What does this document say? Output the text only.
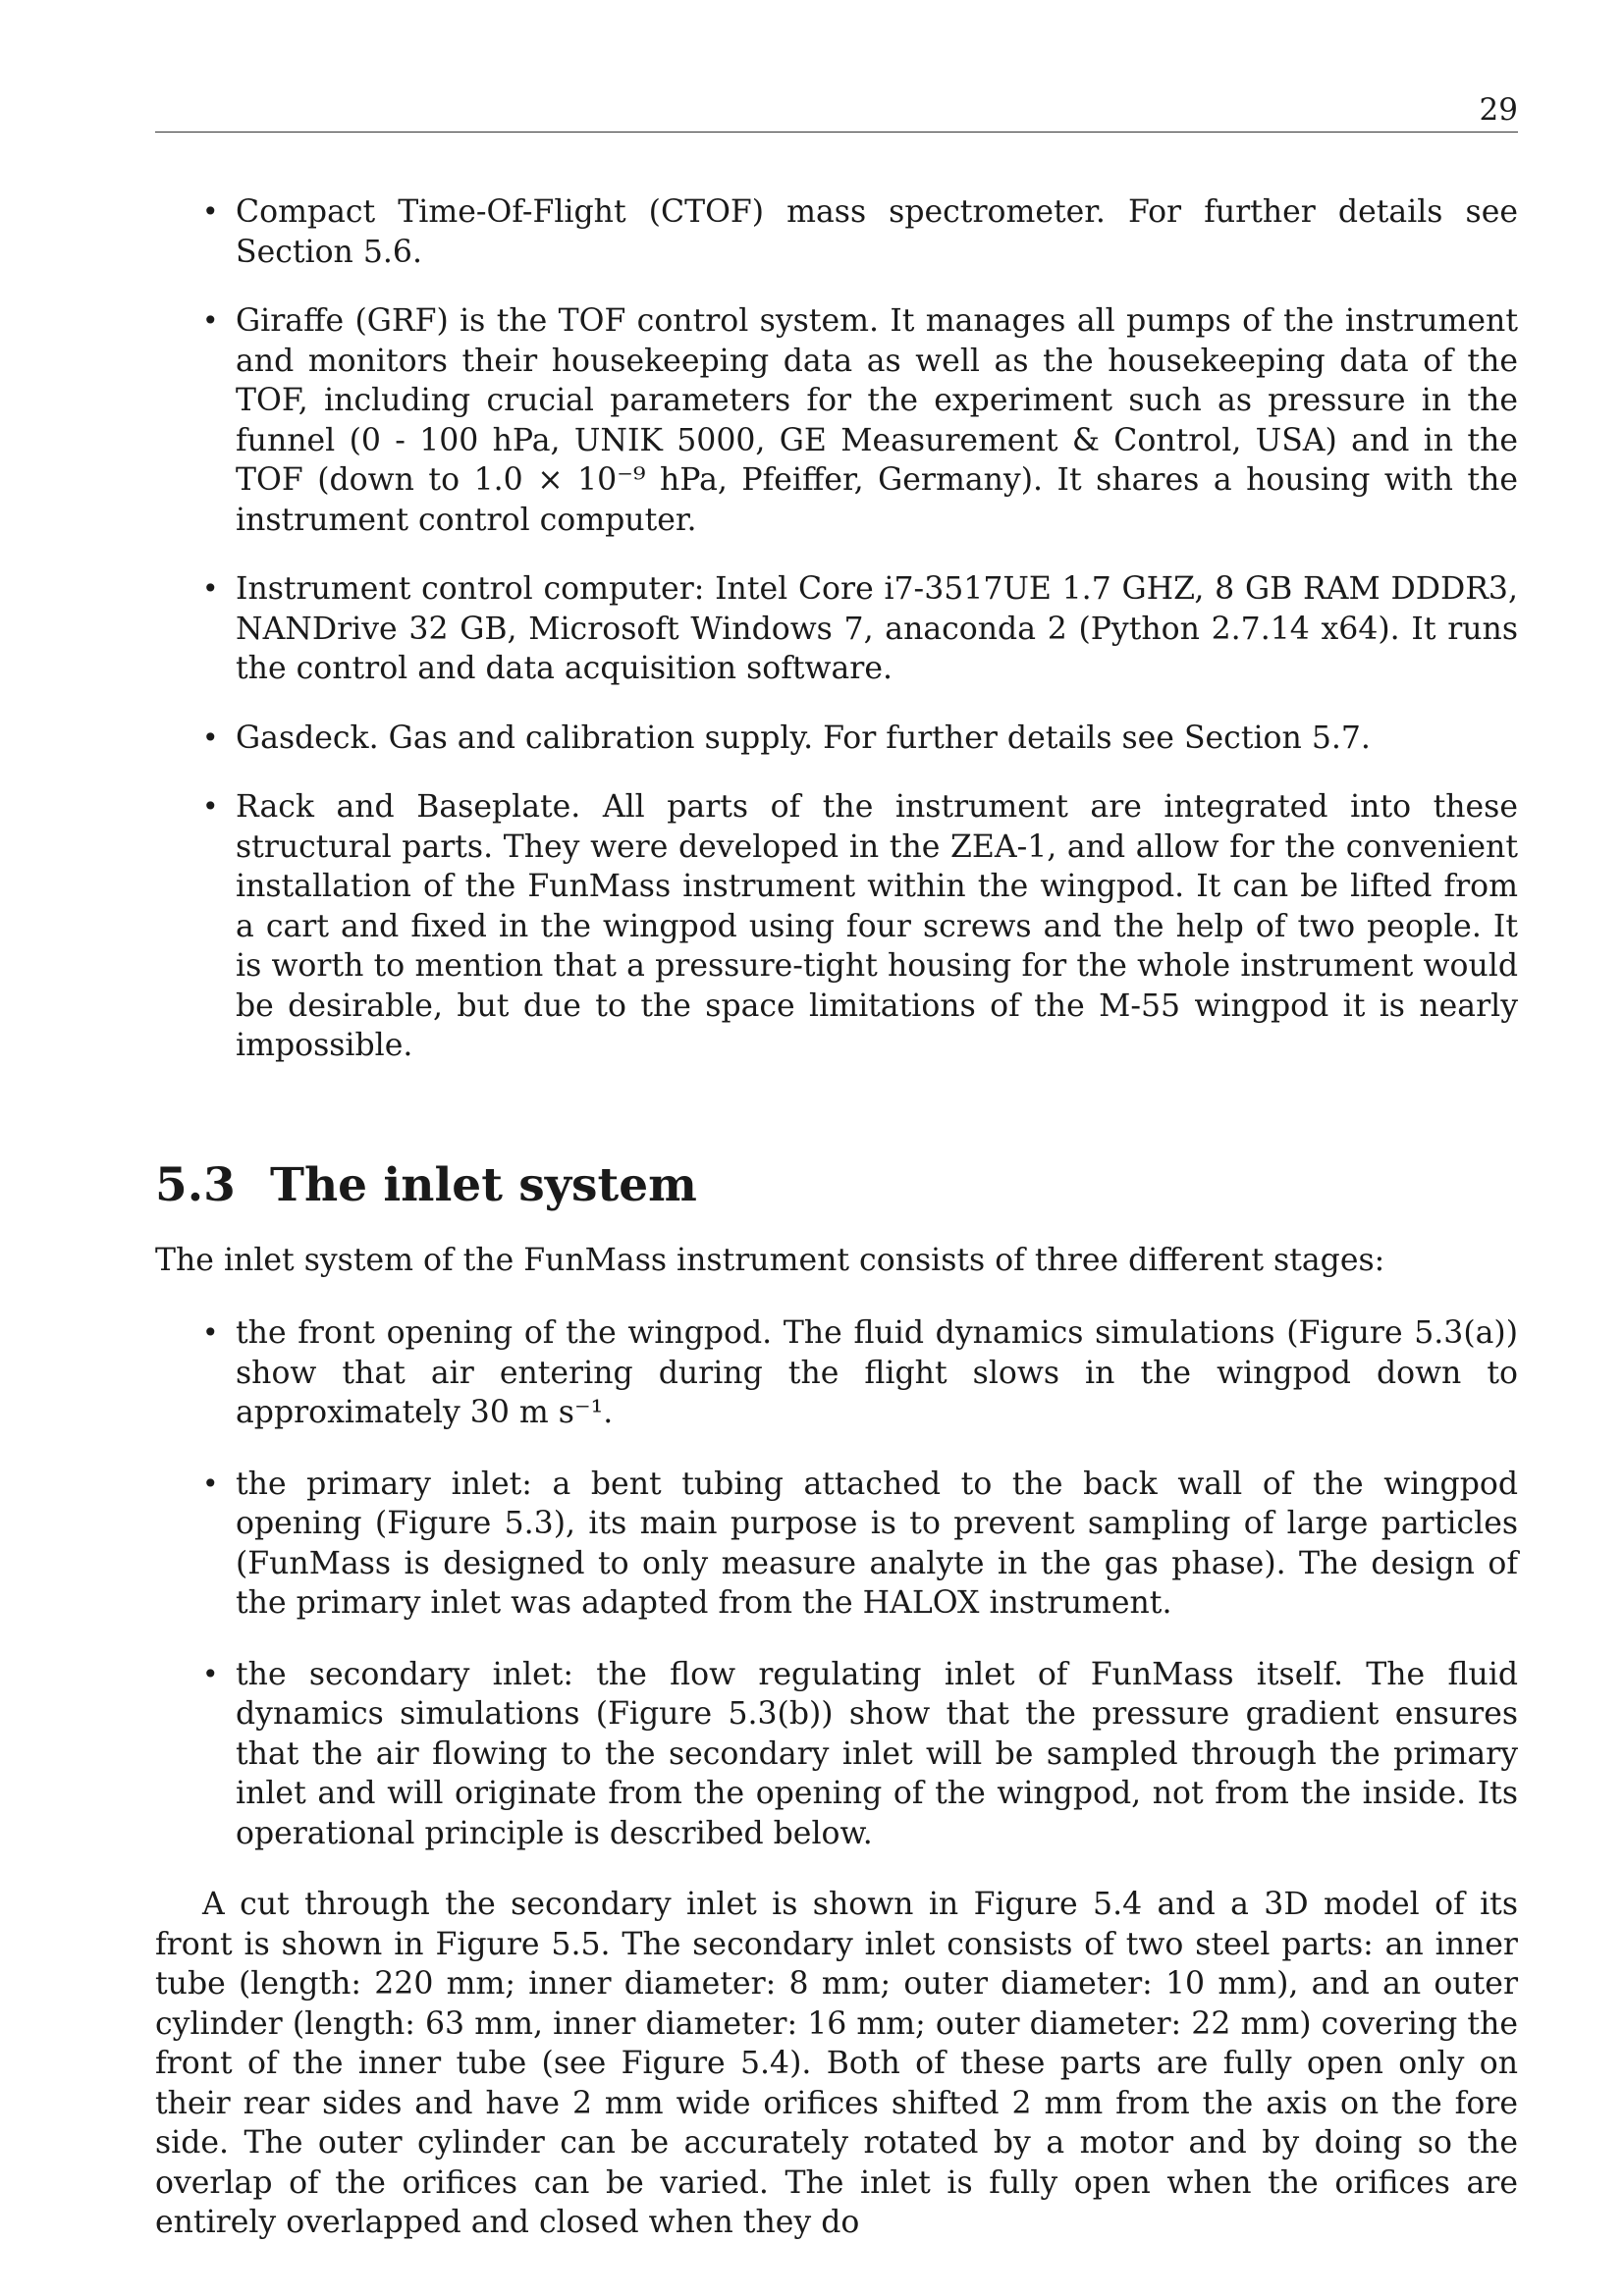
29
• Compact Time-Of-Flight (CTOF) mass spectrometer. For further details see Section 5.6.
• Giraffe (GRF) is the TOF control system. It manages all pumps of the instrument and monitors their housekeeping data as well as the housekeeping data of the TOF, including crucial parameters for the experiment such as pressure in the funnel (0 - 100 hPa, UNIK 5000, GE Measurement & Control, USA) and in the TOF (down to 1.0 × 10⁻⁹ hPa, Pfeiffer, Germany). It shares a housing with the instrument control computer.
• Instrument control computer: Intel Core i7-3517UE 1.7 GHZ, 8 GB RAM DDDR3, NANDrive 32 GB, Microsoft Windows 7, anaconda 2 (Python 2.7.14 x64). It runs the control and data acquisition software.
• Gasdeck. Gas and calibration supply. For further details see Section 5.7.
• Rack and Baseplate. All parts of the instrument are integrated into these structural parts. They were developed in the ZEA-1, and allow for the convenient installation of the FunMass instrument within the wingpod. It can be lifted from a cart and fixed in the wingpod using four screws and the help of two people. It is worth to mention that a pressure-tight housing for the whole instrument would be desirable, but due to the space limitations of the M-55 wingpod it is nearly impossible.
5.3 The inlet system

The inlet system of the FunMass instrument consists of three different stages:

• the front opening of the wingpod. The fluid dynamics simulations (Figure 5.3(a)) show that air entering during the flight slows in the wingpod down to approximately 30 m s⁻¹.
• the primary inlet: a bent tubing attached to the back wall of the wingpod opening (Figure 5.3), its main purpose is to prevent sampling of large particles (FunMass is designed to only measure analyte in the gas phase). The design of the primary inlet was adapted from the HALOX instrument.
• the secondary inlet: the flow regulating inlet of FunMass itself. The fluid dynamics simulations (Figure 5.3(b)) show that the pressure gradient ensures that the air flowing to the secondary inlet will be sampled through the primary inlet and will originate from the opening of the wingpod, not from the inside. Its operational principle is described below.

A cut through the secondary inlet is shown in Figure 5.4 and a 3D model of its front is shown in Figure 5.5. The secondary inlet consists of two steel parts: an inner tube (length: 220 mm; inner diameter: 8 mm; outer diameter: 10 mm), and an outer cylinder (length: 63 mm, inner diameter: 16 mm; outer diameter: 22 mm) covering the front of the inner tube (see Figure 5.4). Both of these parts are fully open only on their rear sides and have 2 mm wide orifices shifted 2 mm from the axis on the fore side. The outer cylinder can be accurately rotated by a motor and by doing so the overlap of the orifices can be varied. The inlet is fully open when the orifices are entirely overlapped and closed when they do
